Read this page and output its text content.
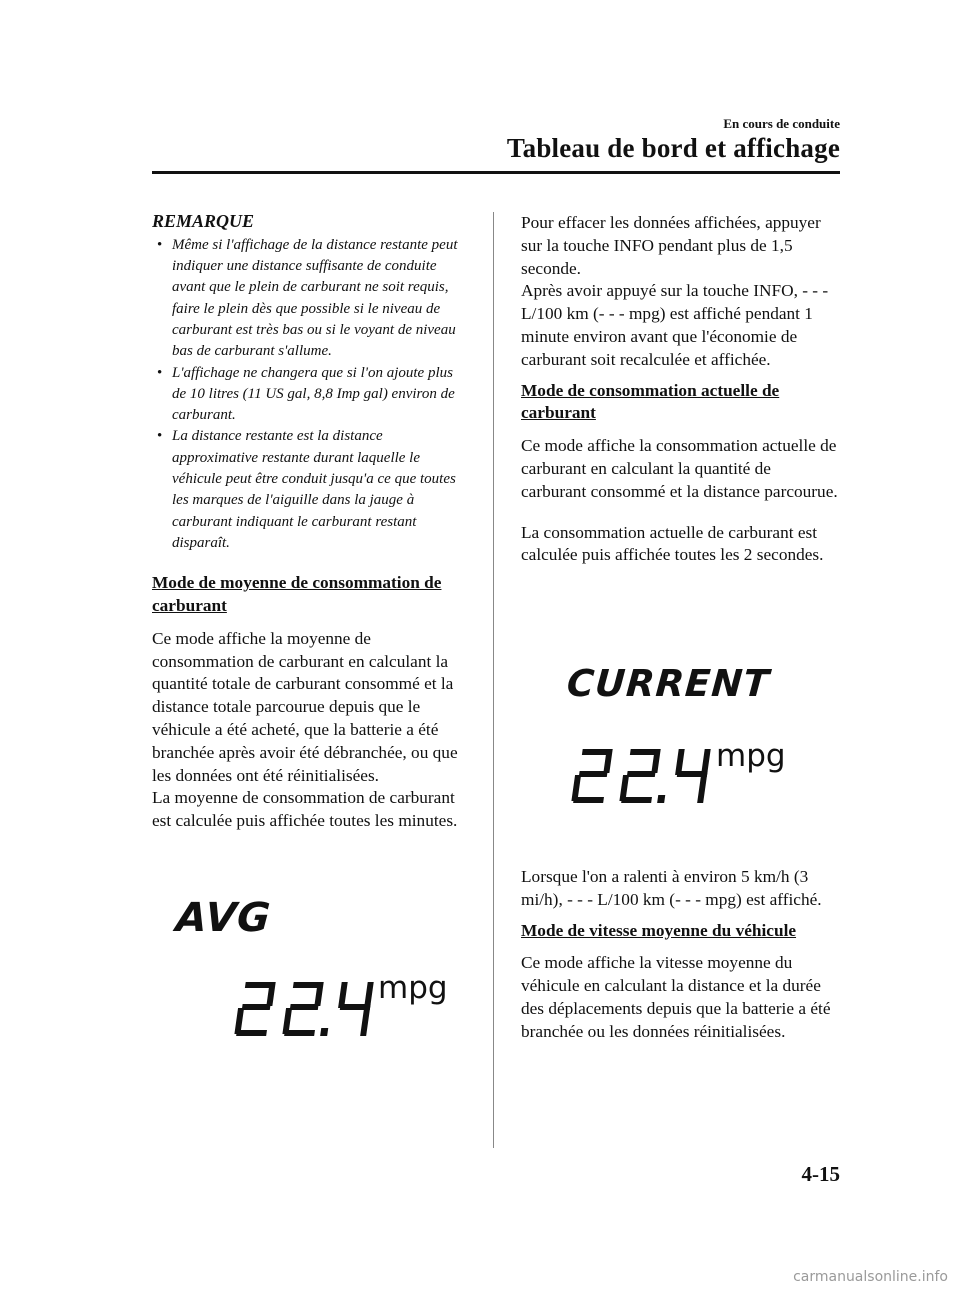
En cours de conduite
Tableau de bord et affichage
REMARQUE
• Même si l'affichage de la distance restante peut indiquer une distance suffisante de conduite avant que le plein de carburant ne soit requis, faire le plein dès que possible si le niveau de carburant est très bas ou si le voyant de niveau bas de carburant s'allume.
• L'affichage ne changera que si l'on ajoute plus de 10 litres (11 US gal, 8,8 Imp gal) environ de carburant.
• La distance restante est la distance approximative restante durant laquelle le véhicule peut être conduit jusqu'a ce que toutes les marques de l'aiguille dans la jauge à carburant indiquant le carburant restant disparaît.
Mode de moyenne de consommation de carburant

Ce mode affiche la moyenne de consommation de carburant en calculant la quantité totale de carburant consommé et la distance totale parcourue depuis que le véhicule a été acheté, que la batterie a été branchée après avoir été débranchée, ou que les données ont été réinitialisées.

La moyenne de consommation de carburant est calculée puis affichée toutes les minutes.

AVG
mpg

Pour effacer les données affichées, appuyer sur la touche INFO pendant plus de 1,5 seconde.

Après avoir appuyé sur la touche INFO, - - - L/100 km (- - - mpg) est affiché pendant 1 minute environ avant que l'économie de carburant soit recalculée et affichée.

Mode de consommation actuelle de carburant

Ce mode affiche la consommation actuelle de carburant en calculant la quantité de carburant consommé et la distance parcourue.

La consommation actuelle de carburant est calculée puis affichée toutes les 2 secondes.

CURRENT
mpg

Lorsque l'on a ralenti à environ 5 km/h (3 mi/h), - - - L/100 km (- - - mpg) est affiché.

Mode de vitesse moyenne du véhicule

Ce mode affiche la vitesse moyenne du véhicule en calculant la distance et la durée des déplacements depuis que la batterie a été branchée ou les données réinitialisées.

4-15
carmanualsonline.info
